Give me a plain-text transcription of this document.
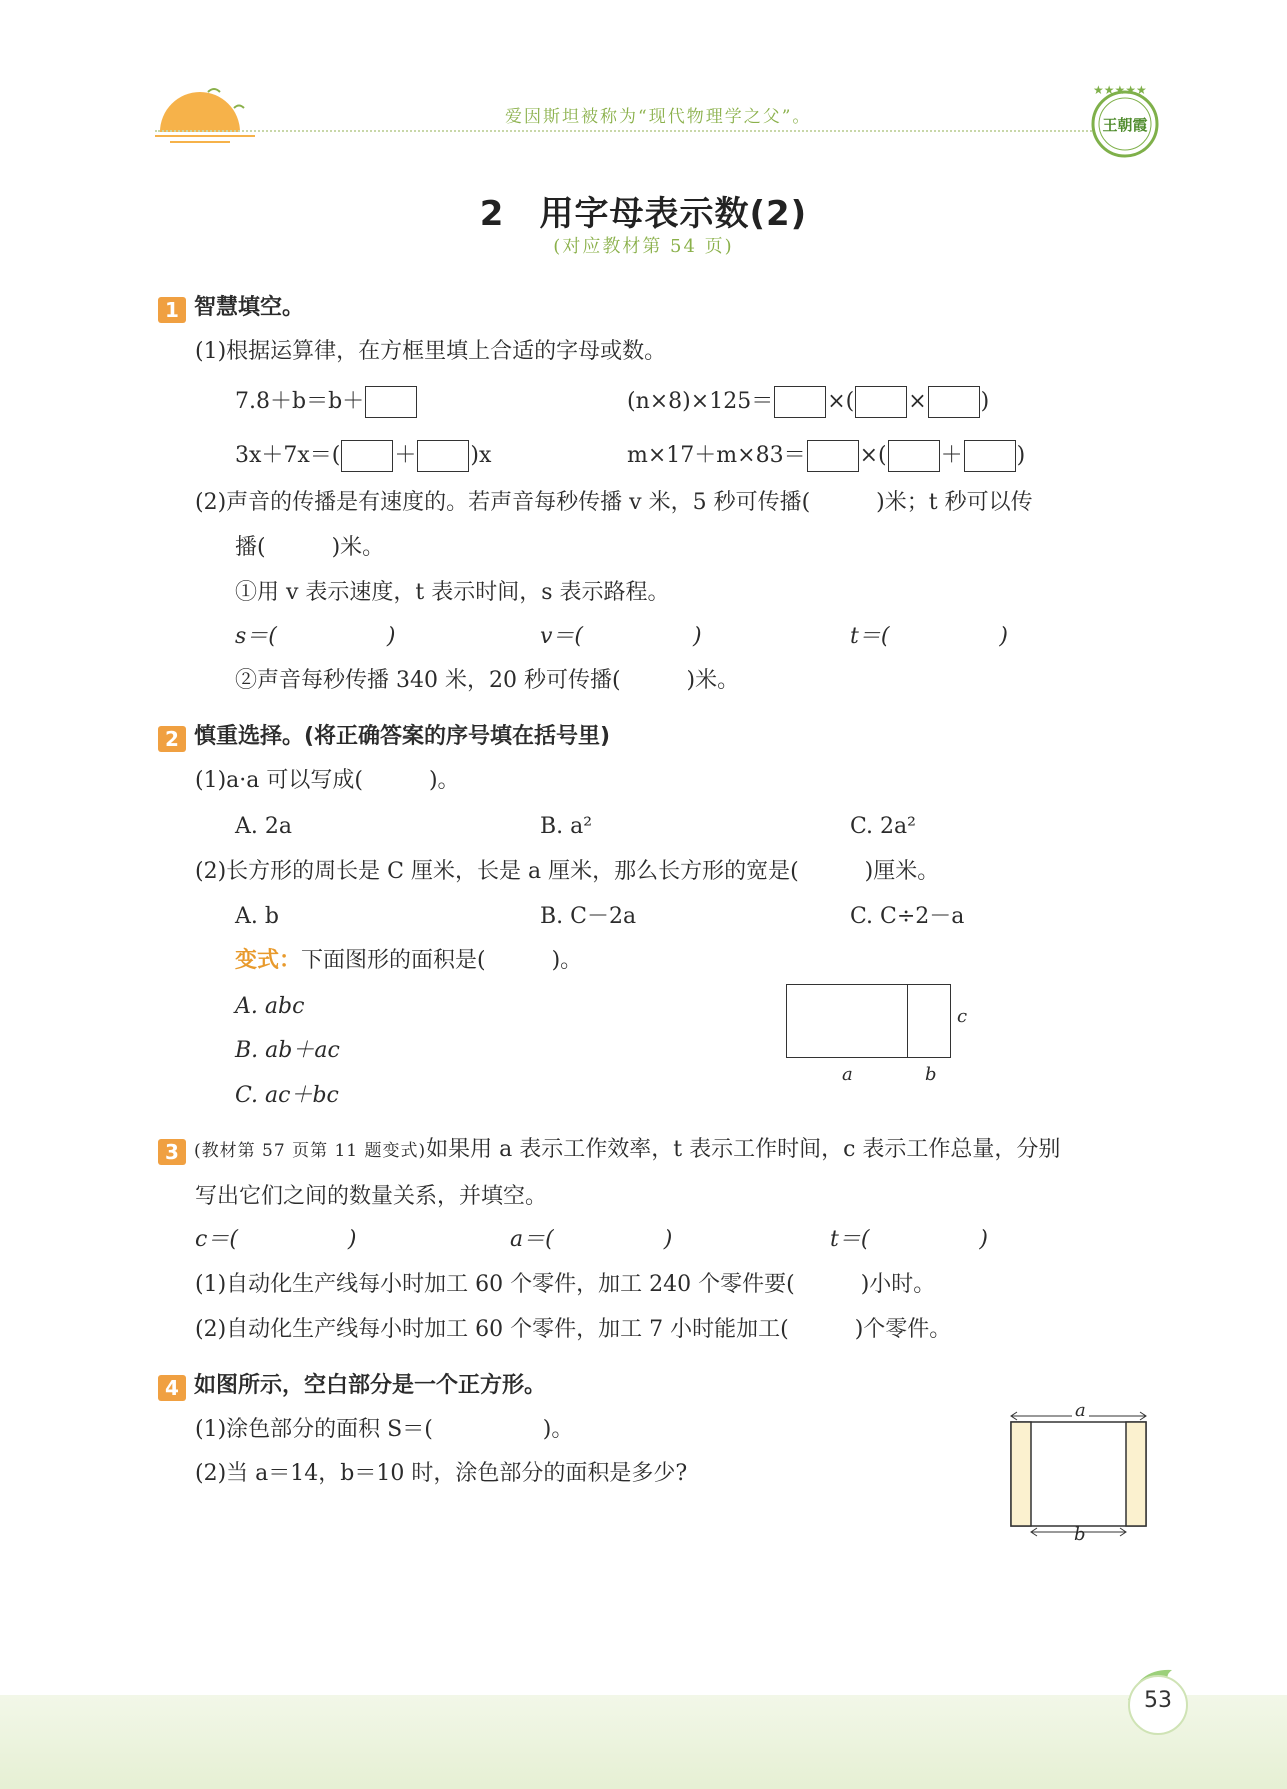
爱因斯坦被称为“现代物理学之父”。
★★★★★
王朝霞
2　用字母表示数(2)
(对应教材第 54 页)
1 智慧填空。
(1)根据运算律，在方框里填上合适的字母或数。
7.8＋b＝b＋	(n×8)×125＝ ×( × )
3x＋7x＝( ＋ )x	m×17＋m×83＝ ×( ＋ )
(2)声音的传播是有速度的。若声音每秒传播 v 米，5 秒可传播(　　　)米；t 秒可以传
播(　　　)米。
①用 v 表示速度，t 表示时间，s 表示路程。
s＝(　　　　　)	v＝(　　　　　)	t＝(　　　　　)
②声音每秒传播 340 米，20 秒可传播(　　　)米。
2 慎重选择。(将正确答案的序号填在括号里)
(1)a·a 可以写成(　　　)。
A. 2a	B. a²	C. 2a²
(2)长方形的周长是 C 厘米，长是 a 厘米，那么长方形的宽是(　　　)厘米。
A. b	B. C－2a	C. C÷2－a
变式：下面图形的面积是(　　　)。
A. abc
B. ab＋ac
C. ac＋bc
c
a	b
3 (教材第 57 页第 11 题变式)如果用 a 表示工作效率，t 表示工作时间，c 表示工作总量，分别
写出它们之间的数量关系，并填空。
c＝(　　　　　)	a＝(　　　　　)	t＝(　　　　　)
(1)自动化生产线每小时加工 60 个零件，加工 240 个零件要(　　　)小时。
(2)自动化生产线每小时加工 60 个零件，加工 7 小时能加工(　　　)个零件。
4 如图所示，空白部分是一个正方形。
(1)涂色部分的面积 S＝(　　　　　)。
(2)当 a＝14，b＝10 时，涂色部分的面积是多少?
a
b
53
